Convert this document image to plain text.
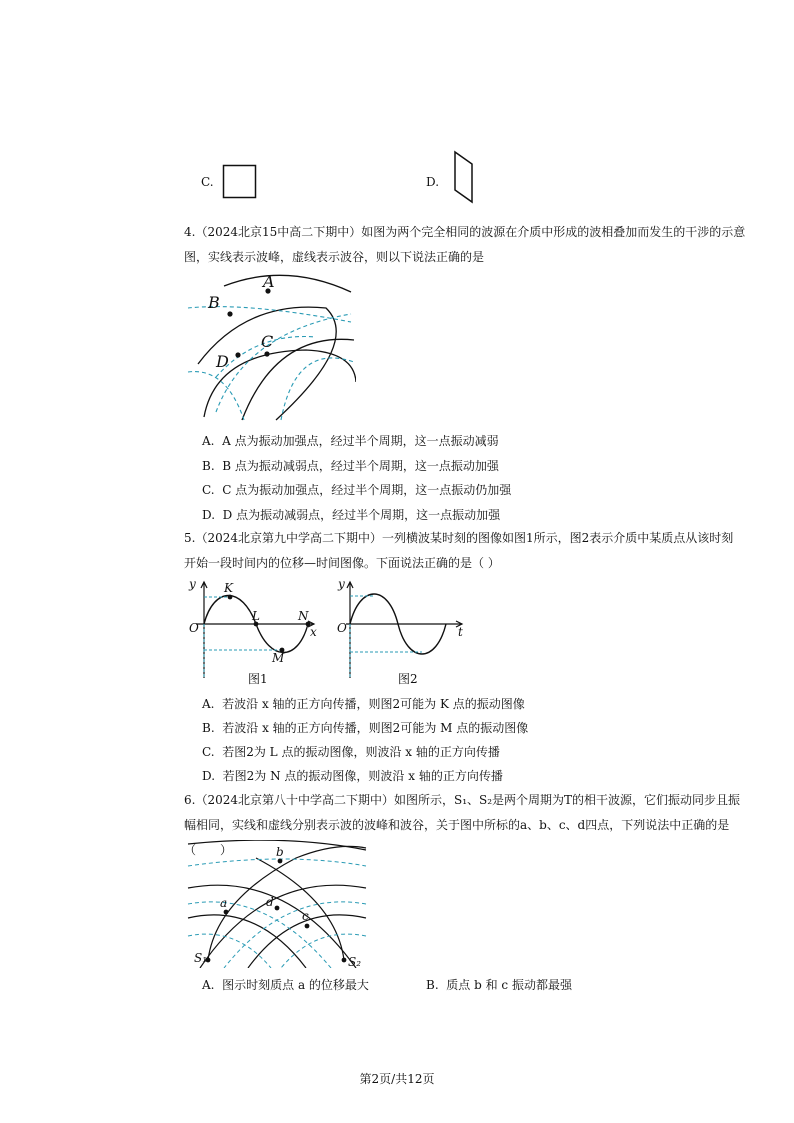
C.	D.
4.（2024北京15中高二下期中）如图为两个完全相同的波源在介质中形成的波相叠加而发生的干涉的示意
图，实线表示波峰，虚线表示波谷，则以下说法正确的是
A
B
C
D
A. A 点为振动加强点，经过半个周期，这一点振动减弱
B. B 点为振动减弱点，经过半个周期，这一点振动加强
C. C 点为振动加强点，经过半个周期，这一点振动仍加强
D. D 点为振动减弱点，经过半个周期，这一点振动加强
5.（2024北京第九中学高二下期中）一列横波某时刻的图像如图1所示，图2表示介质中某质点从该时刻
开始一段时间内的位移—时间图像。下面说法正确的是（ ）
y
O	x
K
L	N
M
图1
y
O	t
图2
A. 若波沿 x 轴的正方向传播，则图2可能为 K 点的振动图像
B. 若波沿 x 轴的正方向传播，则图2可能为 M 点的振动图像
C. 若图2为 L 点的振动图像，则波沿 x 轴的正方向传播
D. 若图2为 N 点的振动图像，则波沿 x 轴的正方向传播
6.（2024北京第八十中学高二下期中）如图所示，S₁、S₂是两个周期为T的相干波源，它们振动同步且振
幅相同，实线和虚线分别表示波的波峰和波谷，关于图中所标的a、b、c、d四点，下列说法中正确的是（　　）	b
a	d
c
S₁	S₂
A. 图示时刻质点 a 的位移最大	B. 质点 b 和 c 振动都最强
第2页/共12页
